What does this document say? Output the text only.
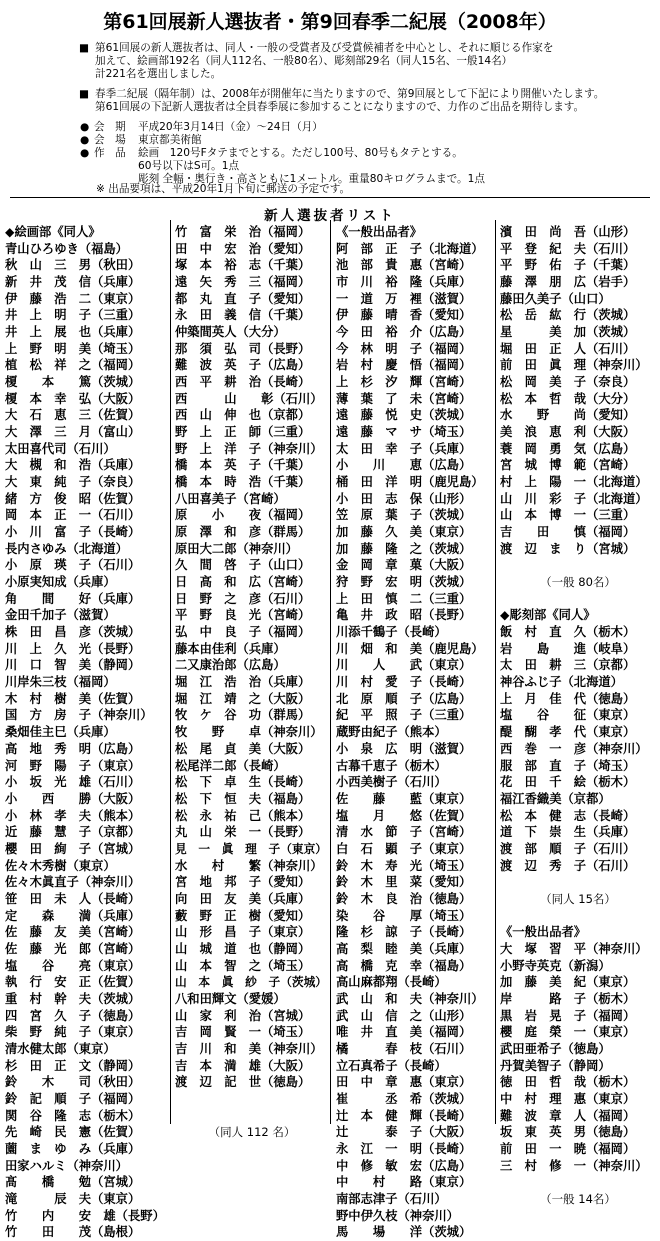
第61回展新人選抜者・第9回春季二紀展（2008年）
■ 第61回展の新人選抜者は、同人・一般の受賞者及び受賞候補者を中心とし、それに順じる作家を
加えて、絵画部192名（同人112名、一般80名）、彫刻部29名（同人15名、一般14名）
計221名を選出しました。
■ 春季二紀展（隔年制）は、2008年が開催年に当たりますので、第9回展として下記により開催いたします。
第61回展の下記新人選抜者は全員春季展に参加することになりますので、力作のご出品を期待します。
● 会　期 平成20年3月14日（金）〜24日（月）
● 会　場 東京都美術館
● 作　品 絵画　120号Fタテまでとする。ただし100号、80号もタテとする。
60号以下はS可。1点
彫刻 全幅・奥行き・高さともに1メートル。重量80キログラムまで。1点
※ 出品要項は、平成20年1月下旬に郵送の予定です。
新人選抜者リスト
◆絵画部《同人》
青山ひろゆき（福島）
秋　山　三　男（秋田）
新　井　茂　信（兵庫）
伊　藤　浩　二（東京）
井　上　明　子（三重）
井　上　展　也（兵庫）
上　野　明　美（埼玉）
植　松　祥　之（福岡）
榎　　本　　篤（茨城）
榎　本　幸　弘（大阪）
大　石　恵　三（佐賀）
大　澤　三　月（富山）
太田喜代司（石川）
大　槻　和　浩（兵庫）
大　東　純　子（奈良）
緒　方　俊　昭（佐賀）
岡　本　正　一（石川）
小　川　富　子（長崎）
長内さゆみ（北海道）
小　原　瑛　子（石川）
小原実知成（兵庫）
角　　間　　好（兵庫）
金田千加子（滋賀）
株　田　昌　彦（茨城）
川　上　久　光（長野）
川　口　智　美（静岡）
川岸朱三枝（福岡）
木　村　樹　美（佐賀）
国　方　房　子（神奈川）
桑畑佳主巳（兵庫）
高　地　秀　明（広島）
河　野　陽　子（東京）
小　坂　光　雄（石川）
小　　西　　勝（大阪）
小　林　孝　夫（熊本）
近　藤　慧　子（京都）
櫻　田　絢　子（宮城）
佐々木秀樹（東京）
佐々木眞直子（神奈川）
笹　田　未　人（長崎）
定　　森　　満（兵庫）
佐　藤　友　美（宮崎）
佐　藤　光　郎（宮崎）
塩　　谷　　亮（東京）
執　行　安　正（佐賀）
重　村　幹　夫（茨城）
四　宮　久　子（徳島）
柴　野　純　子（東京）
清水健太郎（東京）
杉　田　正　文（静岡）
鈴　　木　　司（秋田）
鈴　記　順　子（福岡）
関　谷　隆　志（栃木）
先　崎　民　憲（佐賀）
薗　ま　ゆ　み（兵庫）
田家ハルミ（神奈川）
髙　　橋　　勉（宮城）
滝　　　辰　夫（東京）
竹　　内　　安　雄（長野）
竹　　田　　茂（島根）
竹　富　栄　治（福岡）
田　中　宏　治（愛知）
塚　本　裕　志（千葉）
遠　矢　秀　三（福岡）
都　丸　直　子（愛知）
永　田　義　信（千葉）
仲築間英人（大分）
那　須　弘　司（長野）
難　波　英　子（広島）
西　平　耕　治（長崎）
西　　　山　　彰（石川）
西　山　伸　也（京都）
野　上　正　師（三重）
野　上　洋　子（神奈川）
橋　本　英　子（千葉）
橋　本　時　浩（千葉）
八田喜美子（宮崎）
原　　小　　夜（福岡）
原　澤　和　彦（群馬）
原田大二郎（神奈川）
久　間　啓　子（山口）
日　高　和　広（宮崎）
日　野　之　彦（石川）
平　野　良　光（宮崎）
弘　中　良　子（福岡）
藤本由佳利（兵庫）
二又康治郎（広島）
堀　江　浩　治（兵庫）
堀　江　靖　之（大阪）
牧　ケ　谷　功（群馬）
牧　　野　　卓（神奈川）
松　尾　貞　美（大阪）
松尾洋二郎（長崎）
松　下　卓　生（長崎）
松　下　恒　夫（福島）
松　永　祐　己（熊本）
丸　山　栄　一（長野）
見　一　眞　理　子（東京）
水　　村　　繁（神奈川）
宮　地　邦　子（愛知）
向　田　友　美（兵庫）
藪　野　正　樹（愛知）
山　形　昌　子（東京）
山　城　道　也（静岡）
山　本　智　之（埼玉）
山　本　眞　紗　子（茨城）
八和田輝文（愛媛）
山　家　利　治（宮城）
吉　岡　賢　一（埼玉）
吉　川　和　美（神奈川）
吉　本　満　雄（大阪）
渡　辺　記　世（徳島）
（同人 112 名）
《一般出品者》
阿　部　正　子（北海道）
池　部　貴　惠（宮崎）
市　川　裕　隆（兵庫）
一　道　万　裡（滋賀）
伊　藤　晴　香（愛知）
今　田　裕　介（広島）
今　林　明　子（福岡）
岩　村　慶　悟（福岡）
上　杉　汐　輝（宮崎）
薄　葉　了　未（宮崎）
遠　藤　悦　史（茨城）
遠　藤　マ　サ（埼玉）
太　田　幸　子（兵庫）
小　　川　　恵（広島）
桶　田　洋　明（鹿児島）
小　田　志　保（山形）
笠　原　葉　子（茨城）
加　藤　久　美（東京）
加　藤　隆　之（茨城）
金　岡　章　菓（大阪）
狩　野　宏　明（茨城）
上　田　慎　二（三重）
亀　井　政　昭（長野）
川添千鶴子（長崎）
川　畑　和　美（鹿児島）
川　　人　　武（東京）
川　村　愛　子（長崎）
北　原　順　子（広島）
紀　平　照　子（三重）
蔵野由紀子（熊本）
小　泉　広　明（滋賀）
古幕千恵子（栃木）
小西美樹子（石川）
佐　　藤　　藍（東京）
塩　　月　　悠（佐賀）
清　水　節　子（宮崎）
白　石　顕　子（東京）
鈴　木　寿　光（埼玉）
鈴　木　里　菜（愛知）
鈴　木　良　治（徳島）
染　　谷　　厚（埼玉）
隆　杉　諒　子（長崎）
高　梨　睦　美（兵庫）
高　橋　克　幸（福島）
高山麻都翔（長崎）
武　山　和　夫（神奈川）
武　山　信　之（山形）
唯　井　直　美（福岡）
橘　　　春　枝（石川）
立石真希子（長崎）
田　中　章　惠（東京）
崔　　　丞　希（茨城）
辻　本　健　輝（長崎）
辻　　　泰　子（大阪）
永　江　一　明（長崎）
中　修　敏　宏（広島）
中　　村　　路（東京）
南部志津子（石川）
野中伊久枝（神奈川）
馬　　場　　洋（茨城）
濱　田　尚　吾（山形）
平　登　紀　夫（石川）
平　野　佑　子（千葉）
藤　澤　朋　広（岩手）
藤田久美子（山口）
松　岳　紘　行（茨城）
星　　　美　加（茨城）
堀　田　正　人（石川）
前　田　眞　理（神奈川）
松　岡　美　子（奈良）
松　本　哲　哉（大分）
水　　野　　尚（愛知）
美　浪　恵　利（大阪）
蓑　岡　勇　気（広島）
宮　城　博　範（宮崎）
村　上　陽　一（北海道）
山　川　彩　子（北海道）
山　本　博　一（三重）
吉　　田　　慎（福岡）
渡　辺　ま　り（宮城）
（一般 80名）
◆彫刻部《同人》
飯　村　直　久（栃木）
岩　　島　　進（岐阜）
太　田　耕　三（京都）
神谷ふじ子（北海道）
上　月　佳　代（徳島）
塩　　谷　　征（東京）
醍　醐　孝　代（東京）
西　巻　一　彦（神奈川）
服　部　直　子（埼玉）
花　田　千　絵（栃木）
福江香織美（京都）
松　本　健　志（長崎）
道　下　崇　生（兵庫）
渡　部　順　子（石川）
渡　辺　秀　子（石川）
（同人 15名）
《一般出品者》
大　塚　習　平（神奈川）
小野寺英克（新潟）
加　藤　美　紀（東京）
岸　　　路　子（栃木）
黒　岩　晃　子（福岡）
櫻　庭　榮　一（東京）
武田亜希子（徳島）
丹賀美智子（静岡）
徳　田　哲　哉（栃木）
中　村　理　惠（東京）
難　波　章　人（福岡）
坂　東　英　男（徳島）
前　田　一　暁（福岡）
三　村　修　一（神奈川）
（一般 14名）
